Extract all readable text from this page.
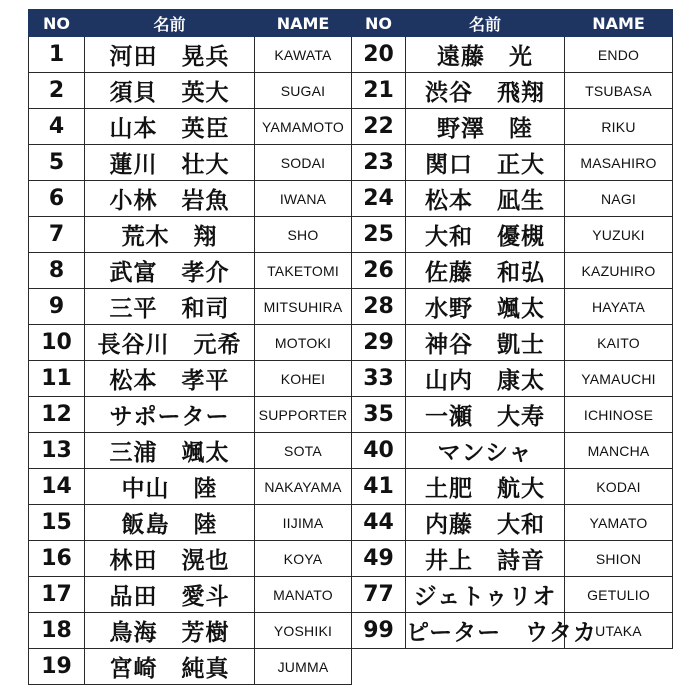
NO	名前	NAME
1	河田　晃兵	KAWATA
2	須貝　英大	SUGAI
4	山本　英臣	YAMAMOTO
5	蓮川　壮大	SODAI
6	小林　岩魚	IWANA
7	荒木　翔	SHO
8	武富　孝介	TAKETOMI
9	三平　和司	MITSUHIRA
10	長谷川　元希	MOTOKI
11	松本　孝平	KOHEI
12	サポーター	SUPPORTER
13	三浦　颯太	SOTA
14	中山　陸	NAKAYAMA
15	飯島　陸	IIJIMA
16	林田　滉也	KOYA
17	品田　愛斗	MANATO
18	鳥海　芳樹	YOSHIKI
19	宮崎　純真	JUMMA
NO	名前	NAME
20	遠藤　光	ENDO
21	渋谷　飛翔	TSUBASA
22	野澤　陸	RIKU
23	関口　正大	MASAHIRO
24	松本　凪生	NAGI
25	大和　優槻	YUZUKI
26	佐藤　和弘	KAZUHIRO
28	水野　颯太	HAYATA
29	神谷　凱士	KAITO
33	山内　康太	YAMAUCHI
35	一瀬　大寿	ICHINOSE
40	マンシャ	MANCHA
41	土肥　航大	KODAI
44	内藤　大和	YAMATO
49	井上　詩音	SHION
77	ジェトゥリオ	GETULIO
99	ピーター　ウタカ	UTAKA
